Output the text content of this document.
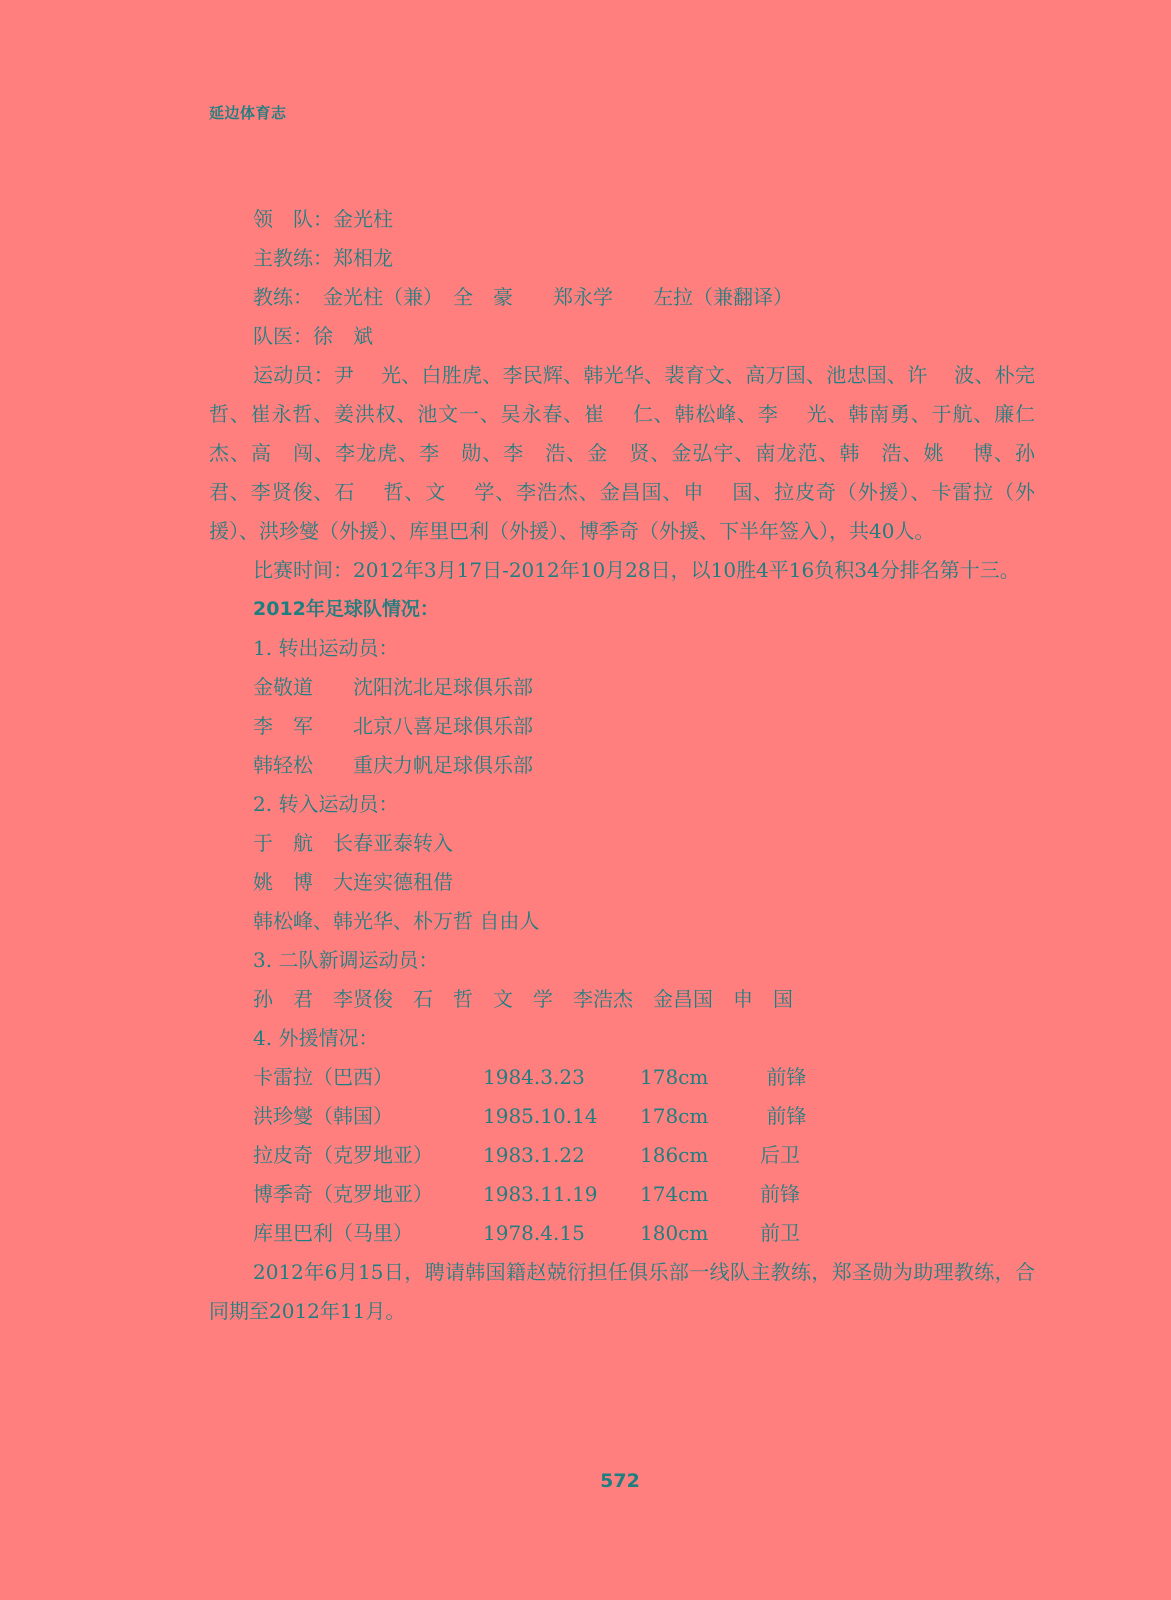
延边体育志

领　队：金光柱

主教练：郑相龙

教练：　金光柱（兼）　全　豪　　郑永学　　左拉（兼翻译）

队医：徐　斌

运动员：尹　 光、白胜虎、李民辉、韩光华、裴育文、高万国、池忠国、许　 波、朴完哲、崔永哲、姜洪权、池文一、吴永春、崔　 仁、韩松峰、李　 光、韩南勇、于航、廉仁杰、高　闯、李龙虎、李　勋、李　浩、金　贤、金弘宇、南龙范、韩　浩、姚　 博、孙　 君、李贤俊、石　 哲、文　 学、李浩杰、金昌国、申　 国、拉皮奇（外援）、卡雷拉（外援）、洪珍燮（外援）、库里巴利（外援）、博季奇（外援、下半年签入），共40人。

比赛时间：2012年3月17日-2012年10月28日，以10胜4平16负积34分排名第十三。

2012年足球队情况：

1. 转出运动员：

金敬道　　沈阳沈北足球俱乐部

李　军　　北京八喜足球俱乐部

韩轻松　　重庆力帆足球俱乐部

2. 转入运动员：

于　航　长春亚泰转入

姚　博　大连实德租借

韩松峰、韩光华、朴万哲 自由人

3. 二队新调运动员：

孙　君　李贤俊　石　哲　文　学　李浩杰　金昌国　申　国

4. 外援情况：

卡雷拉（巴西）	1984.3.23	178cm	前锋
洪珍燮（韩国）	1985.10.14	178cm	前锋
拉皮奇（克罗地亚）	1983.1.22	186cm	后卫
博季奇（克罗地亚）	1983.11.19	174cm	前锋
库里巴利（马里）	1978.4.15	180cm	前卫

2012年6月15日，聘请韩国籍赵兢衍担任俱乐部一线队主教练，郑圣勋为助理教练，合同期至2012年11月。

572
